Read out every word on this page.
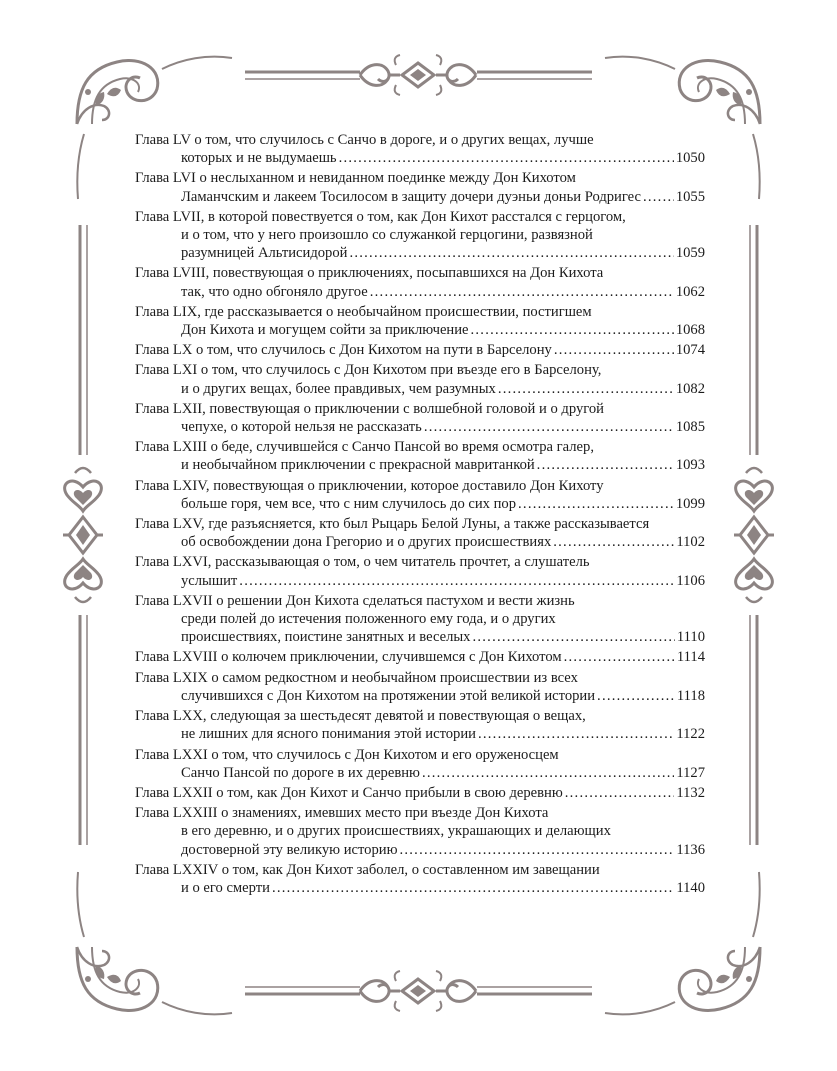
Глава LV о том, что случилось с Санчо в дороге, и о других вещах, лучше
которых и не выдумаешь . . .	1050
Глава LVI о неслыханном и невиданном поединке между Дон Кихотом
Ламанчским и лакеем Тосилосом в защиту дочери дуэньи доньи Родригес . . . 1055
Глава LVII, в которой повествуется о том, как Дон Кихот расстался с герцогом,
и о том, что у него произошло со служанкой герцогини, развязной
разумницей Альтисидорой . . .	1059
Глава LVIII, повествующая о приключениях, посыпавшихся на Дон Кихота
так, что одно обгоняло другое . . .	1062
Глава LIX, где рассказывается о необычайном происшествии, постигшем
Дон Кихота и могущем сойти за приключение . . .	1068
Глава LX о том, что случилось с Дон Кихотом на пути в Барселону . . .	1074
Глава LXI о том, что случилось с Дон Кихотом при въезде его в Барселону,
и о других вещах, более правдивых, чем разумных . . .	1082
Глава LXII, повествующая о приключении с волшебной головой и о другой
чепухе, о которой нельзя не рассказать . . .	1085
Глава LXIII о беде, случившейся с Санчо Пансой во время осмотра галер,
и необычайном приключении с прекрасной мавританкой . . .	1093
Глава LXIV, повествующая о приключении, которое доставило Дон Кихоту
больше горя, чем все, что с ним случилось до сих пор . . .	1099
Глава LXV, где разъясняется, кто был Рыцарь Белой Луны, а также рассказывается
об освобождении дона Грегорио и о других происшествиях . . .	1102
Глава LXVI, рассказывающая о том, о чем читатель прочтет, а слушатель
услышит . . .	1106
Глава LXVII о решении Дон Кихота сделаться пастухом и вести жизнь
среди полей до истечения положенного ему года, и о других
происшествиях, поистине занятных и веселых . . .	1110
Глава LXVIII о колючем приключении, случившемся с Дон Кихотом . . .	1114
Глава LXIX о самом редкостном и необычайном происшествии из всех
случившихся с Дон Кихотом на протяжении этой великой истории . . .	1118
Глава LXX, следующая за шестьдесят девятой и повествующая о вещах,
не лишних для ясного понимания этой истории . . .	1122
Глава LXXI о том, что случилось с Дон Кихотом и его оруженосцем
Санчо Пансой по дороге в их деревню . . .	1127
Глава LXXII о том, как Дон Кихот и Санчо прибыли в свою деревню . . .	1132
Глава LXXIII о знамениях, имевших место при въезде Дон Кихота
в его деревню, и о других происшествиях, украшающих и делающих
достоверной эту великую историю . . .	1136
Глава LXXIV о том, как Дон Кихот заболел, о составленном им завещании
и о его смерти . . .	1140
